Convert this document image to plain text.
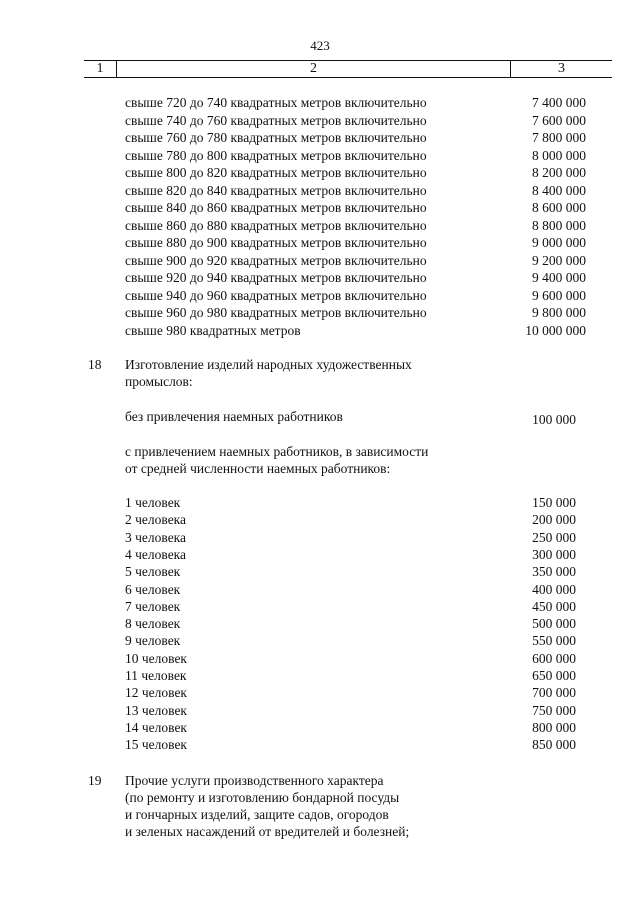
423
1	2	3
свыше 720 до 740 квадратных метров включительно	7 400 000
свыше 740 до 760 квадратных метров включительно	7 600 000
свыше 760 до 780 квадратных метров включительно	7 800 000
свыше 780 до 800 квадратных метров включительно	8 000 000
свыше 800 до 820 квадратных метров включительно	8 200 000
свыше 820 до 840 квадратных метров включительно	8 400 000
свыше 840 до 860 квадратных метров включительно	8 600 000
свыше 860 до 880 квадратных метров включительно	8 800 000
свыше 880 до 900 квадратных метров включительно	9 000 000
свыше 900 до 920 квадратных метров включительно	9 200 000
свыше 920 до 940 квадратных метров включительно	9 400 000
свыше 940 до 960 квадратных метров включительно	9 600 000
свыше 960 до 980 квадратных метров включительно	9 800 000
свыше 980 квадратных метров	10 000 000
18 Изготовление изделий народных художественных
промыслов:
без привлечения наемных работников	100 000
с привлечением наемных работников, в зависимости
от средней численности наемных работников:
1 человек	150 000
2 человека	200 000
3 человека	250 000
4 человека	300 000
5 человек	350 000
6 человек	400 000
7 человек	450 000
8 человек	500 000
9 человек	550 000
10 человек	600 000
11 человек	650 000
12 человек	700 000
13 человек	750 000
14 человек	800 000
15 человек	850 000
19 Прочие услуги производственного характера
(по ремонту и изготовлению бондарной посуды
и гончарных изделий, защите садов, огородов
и зеленых насаждений от вредителей и болезней;
